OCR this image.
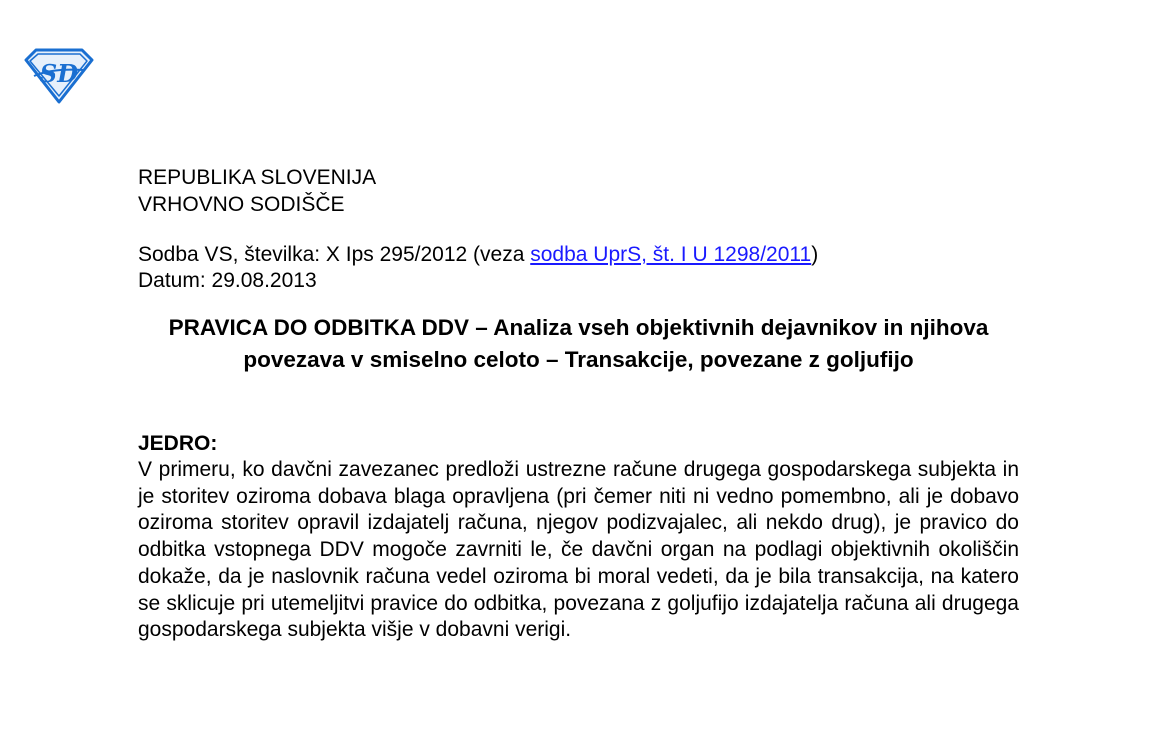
SD

REPUBLIKA SLOVENIJA

VRHOVNO SODIŠČE

Sodba VS, številka: X Ips 295/2012 (veza sodba UprS, št. I U 1298/2011)

Datum: 29.08.2013

PRAVICA DO ODBITKA DDV – Analiza vseh objektivnih dejavnikov in njihova povezava v smiselno celoto – Transakcije, povezane z goljufijo

JEDRO:

V primeru, ko davčni zavezanec predloži ustrezne račune drugega gospodarskega subjekta in je storitev oziroma dobava blaga opravljena (pri čemer niti ni vedno pomembno, ali je dobavo oziroma storitev opravil izdajatelj računa, njegov podizvajalec, ali nekdo drug), je pravico do odbitka vstopnega DDV mogoče zavrniti le, če davčni organ na podlagi objektivnih okoliščin dokaže, da je naslovnik računa vedel oziroma bi moral vedeti, da je bila transakcija, na katero se sklicuje pri utemeljitvi pravice do odbitka, povezana z goljufijo izdajatelja računa ali drugega gospodarskega subjekta višje v dobavni verigi.
